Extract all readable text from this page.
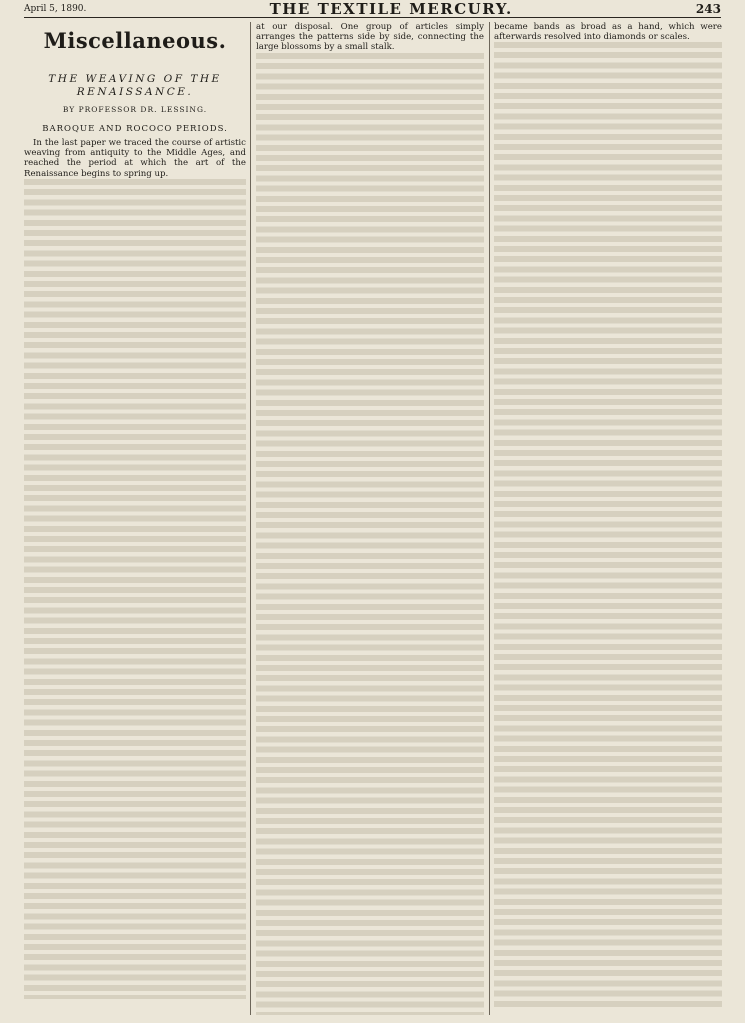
April 5, 1890.	THE TEXTILE MERCURY.	243
Miscellaneous.
THE WEAVING OF THE RENAISSANCE.
BY PROFESSOR DR. LESSING.
BAROQUE AND ROCOCO PERIODS.

In the last paper we traced the course of artistic weaving from antiquity to the Middle Ages, and reached the period at which the art of the Renaissance begins to spring up.

at our disposal. One group of articles simply arranges the patterns side by side, connecting the large blossoms by a small stalk.

became bands as broad as a hand, which were afterwards resolved into diamonds or scales.
